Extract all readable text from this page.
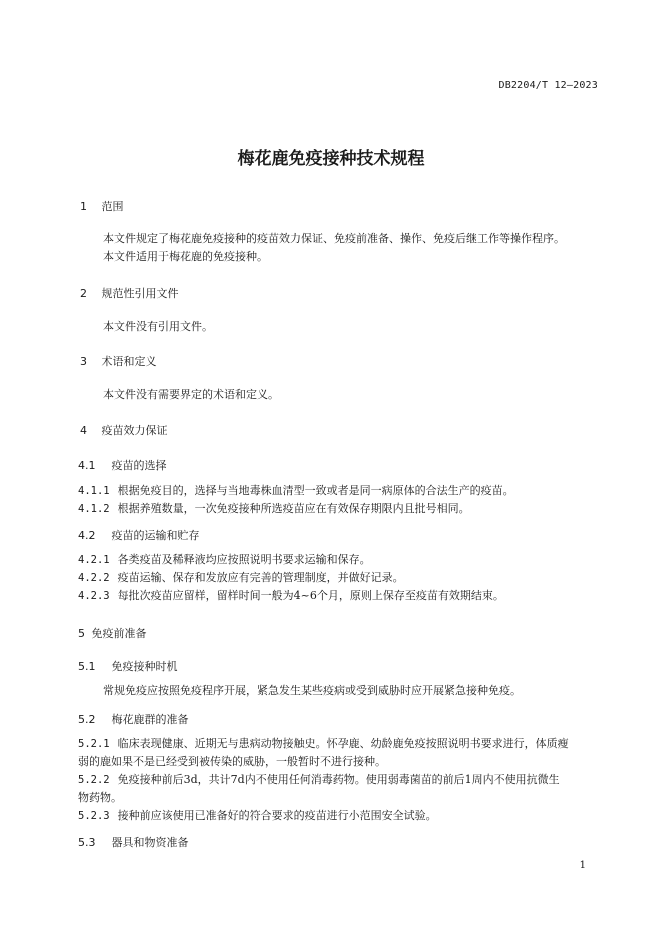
DB2204/T 12—2023
梅花鹿免疫接种技术规程
1 范围
本文件规定了梅花鹿免疫接种的疫苗效力保证、免疫前准备、操作、免疫后继工作等操作程序。
本文件适用于梅花鹿的免疫接种。
2 规范性引用文件
本文件没有引用文件。
3 术语和定义
本文件没有需要界定的术语和定义。
4 疫苗效力保证
4.1 疫苗的选择
4.1.1 根据免疫目的，选择与当地毒株血清型一致或者是同一病原体的合法生产的疫苗。
4.1.2 根据养殖数量，一次免疫接种所选疫苗应在有效保存期限内且批号相同。
4.2 疫苗的运输和贮存
4.2.1 各类疫苗及稀释液均应按照说明书要求运输和保存。
4.2.2 疫苗运输、保存和发放应有完善的管理制度，并做好记录。
4.2.3 每批次疫苗应留样，留样时间一般为4~6个月，原则上保存至疫苗有效期结束。
5 免疫前准备
5.1 免疫接种时机
常规免疫应按照免疫程序开展，紧急发生某些疫病或受到威胁时应开展紧急接种免疫。
5.2 梅花鹿群的准备
5.2.1 临床表现健康、近期无与患病动物接触史。怀孕鹿、幼龄鹿免疫按照说明书要求进行，体质瘦
弱的鹿如果不是已经受到被传染的威胁，一般暂时不进行接种。
5.2.2 免疫接种前后3d，共计7d内不使用任何消毒药物。使用弱毒菌苗的前后1周内不使用抗微生
物药物。
5.2.3 接种前应该使用已准备好的符合要求的疫苗进行小范围安全试验。
5.3 器具和物资准备
1
